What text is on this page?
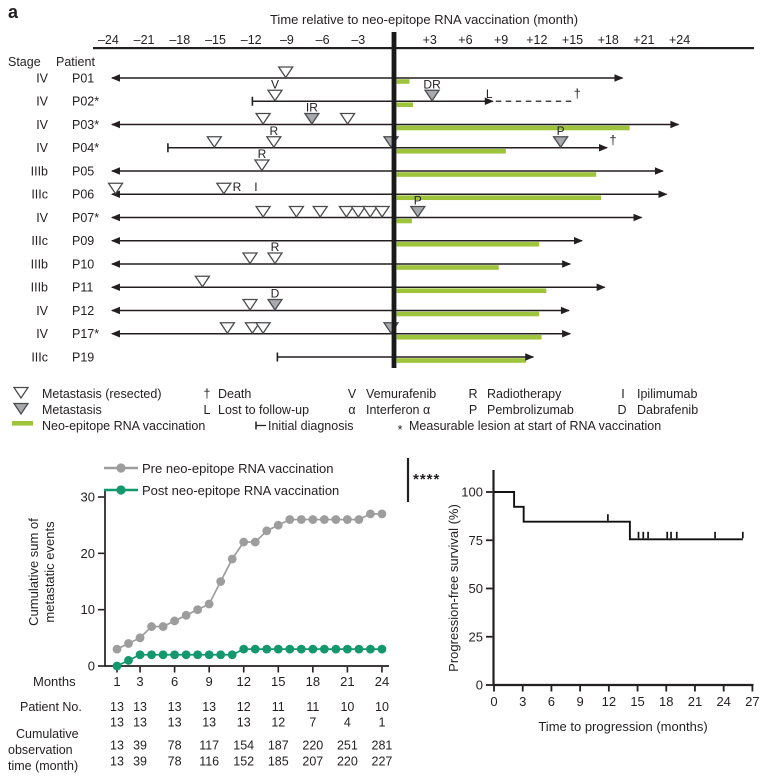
a	Time relative to neo-epitope RNA vaccination (month)
–24 –21 –18 –15 –12 –9 –6 –3	+3 +6 +9 +12 +15 +18 +21 +24
Stage Patient
IV P01
IV P02*
V	DR
L	†
IV P03*
IR
IV P04*
R	P
†
IIIb P05
R
IIIc P06
R I
IV P07*
P
IIIc P09
IIIb P10
R
IIIb P11
IV P12
D
IV P17*
IIIc P19
Metastasis (resected)	† Death	V Vemurafenib	R Radiotherapy	I Ipilimumab
Metastasis	L Lost to follow-up	α Interferon α	P Pembrolizumab	D Dabrafenib
Neo-epitope RNA vaccination	Initial diagnosis	* Measurable lesion at start of RNA vaccination
0
10
20
30
1 3 6 9 12 15 18 21 24
Months
Cumulative sum of metastatic events
Pre neo-epitope RNA vaccination
Post neo-epitope RNA vaccination
****
Patient No. 13 13 13 13 12 11 11 10 10
13 13 13 13 13 12 7 4 1
Cumulative
observation
time (month)
13 39 78 117 154 187 220 251 281
13 39 78 116 152 185 207 220 227
0
25
50
75
100
0 3 6 9 12 15 18 21 24 27
Progression-free survival (%)
Time to progression (months)
